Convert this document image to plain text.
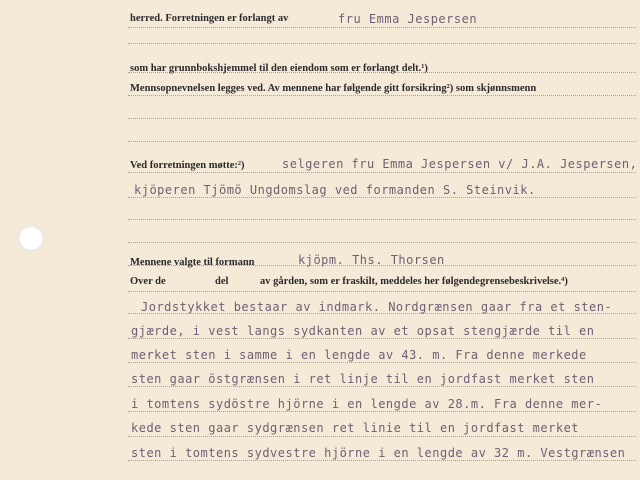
herred. Forretningen er forlangt av
som har grunnbokshjemmel til den eiendom som er forlangt delt.¹)
Mennsopnevnelsen legges ved. Av mennene har følgende gitt forsikring²) som skjønnsmenn
Ved forretningen møtte:²)
Mennene valgte til formann
Over de	del	av gården, som er fraskilt, meddeles her følgende grensebeskrivelse.⁴)
fru Emma Jespersen
selgeren fru Emma Jespersen v/ J.A. Jespersen,
kjöperen Tjömö Ungdomslag ved formanden S. Steinvik.
kjöpm. Ths. Thorsen
Jordstykket bestaar av indmark. Nordgrænsen gaar fra et sten-
gjærde, i vest langs sydkanten av et opsat stengjærde til en
merket sten i samme i en lengde av 43. m. Fra denne merkede
sten gaar östgrænsen i ret linje til en jordfast merket sten
i tomtens sydöstre hjörne i en lengde av 28.m. Fra denne mer-
kede sten gaar sydgrænsen ret linie til en jordfast merket
sten i tomtens sydvestre hjörne i en lengde av 32 m. Vestgrænsen
